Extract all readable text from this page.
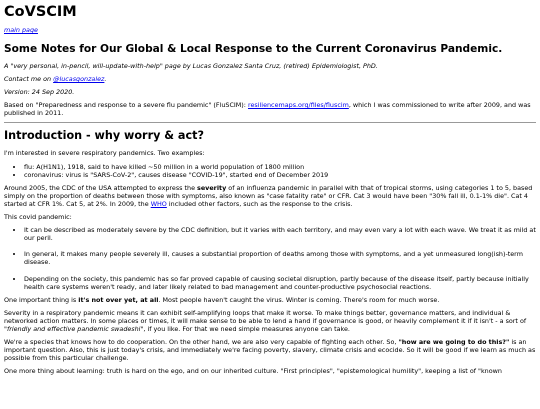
CoVSCIM
main page
Some Notes for Our Global & Local Response to the Current Coronavirus Pandemic.

A "very personal, in-pencil, will-update-with-help" page by Lucas Gonzalez Santa Cruz, (retired) Epidemiologist, PhD.

Contact me on @lucasgonzalez.

Version: 24 Sep 2020.

Based on "Preparedness and response to a severe flu pandemic" (FluSCIM): resiliencemaps.org/files/fluscim, which I was commissioned to write after 2009, and was published in 2011.

Introduction - why worry & act?

I'm interested in severe respiratory pandemics. Two examples:

• flu: A(H1N1), 1918, said to have killed ~50 million in a world population of 1800 million
• coronavirus: virus is "SARS-CoV-2", causes disease "COVID-19", started end of December 2019

Around 2005, the CDC of the USA attempted to express the severity of an influenza pandemic in parallel with that of tropical storms, using categories 1 to 5, based simply on the proportion of deaths between those with symptoms, also known as "case fatality rate" or CFR. Cat 3 would have been "30% fall ill, 0.1-1% die". Cat 4 started at CFR 1%. Cat 5, at 2%. In 2009, the WHO included other factors, such as the response to the crisis.

This covid pandemic:

• It can be described as moderately severe by the CDC definition, but it varies with each territory, and may even vary a lot with each wave. We treat it as mild at our peril.
• In general, it makes many people severely ill, causes a substantial proportion of deaths among those with symptoms, and a yet unmeasured long(ish)-term disease.
• Depending on the society, this pandemic has so far proved capable of causing societal disruption, partly because of the disease itself, partly because initially health care systems weren't ready, and later likely related to bad management and counter-productive psychosocial reactions.

One important thing is it's not over yet, at all. Most people haven't caught the virus. Winter is coming. There's room for much worse.

Severity in a respiratory pandemic means it can exhibit self-amplifying loops that make it worse. To make things better, governance matters, and individual & networked action matters. In some places or times, it will make sense to be able to lend a hand if governance is good, or heavily complement it if it isn't - a sort of "friendly and effective pandemic swadeshi", if you like. For that we need simple measures anyone can take.

We're a species that knows how to do cooperation. On the other hand, we are also very capable of fighting each other. So, "how are we going to do this?" is an important question. Also, this is just today's crisis, and immediately we're facing poverty, slavery, climate crisis and ecocide. So it will be good if we learn as much as possible from this particular challenge.

One more thing about learning: truth is hard on the ego, and on our inherited culture. "First principles", "epistemological humility", keeping a list of "known
